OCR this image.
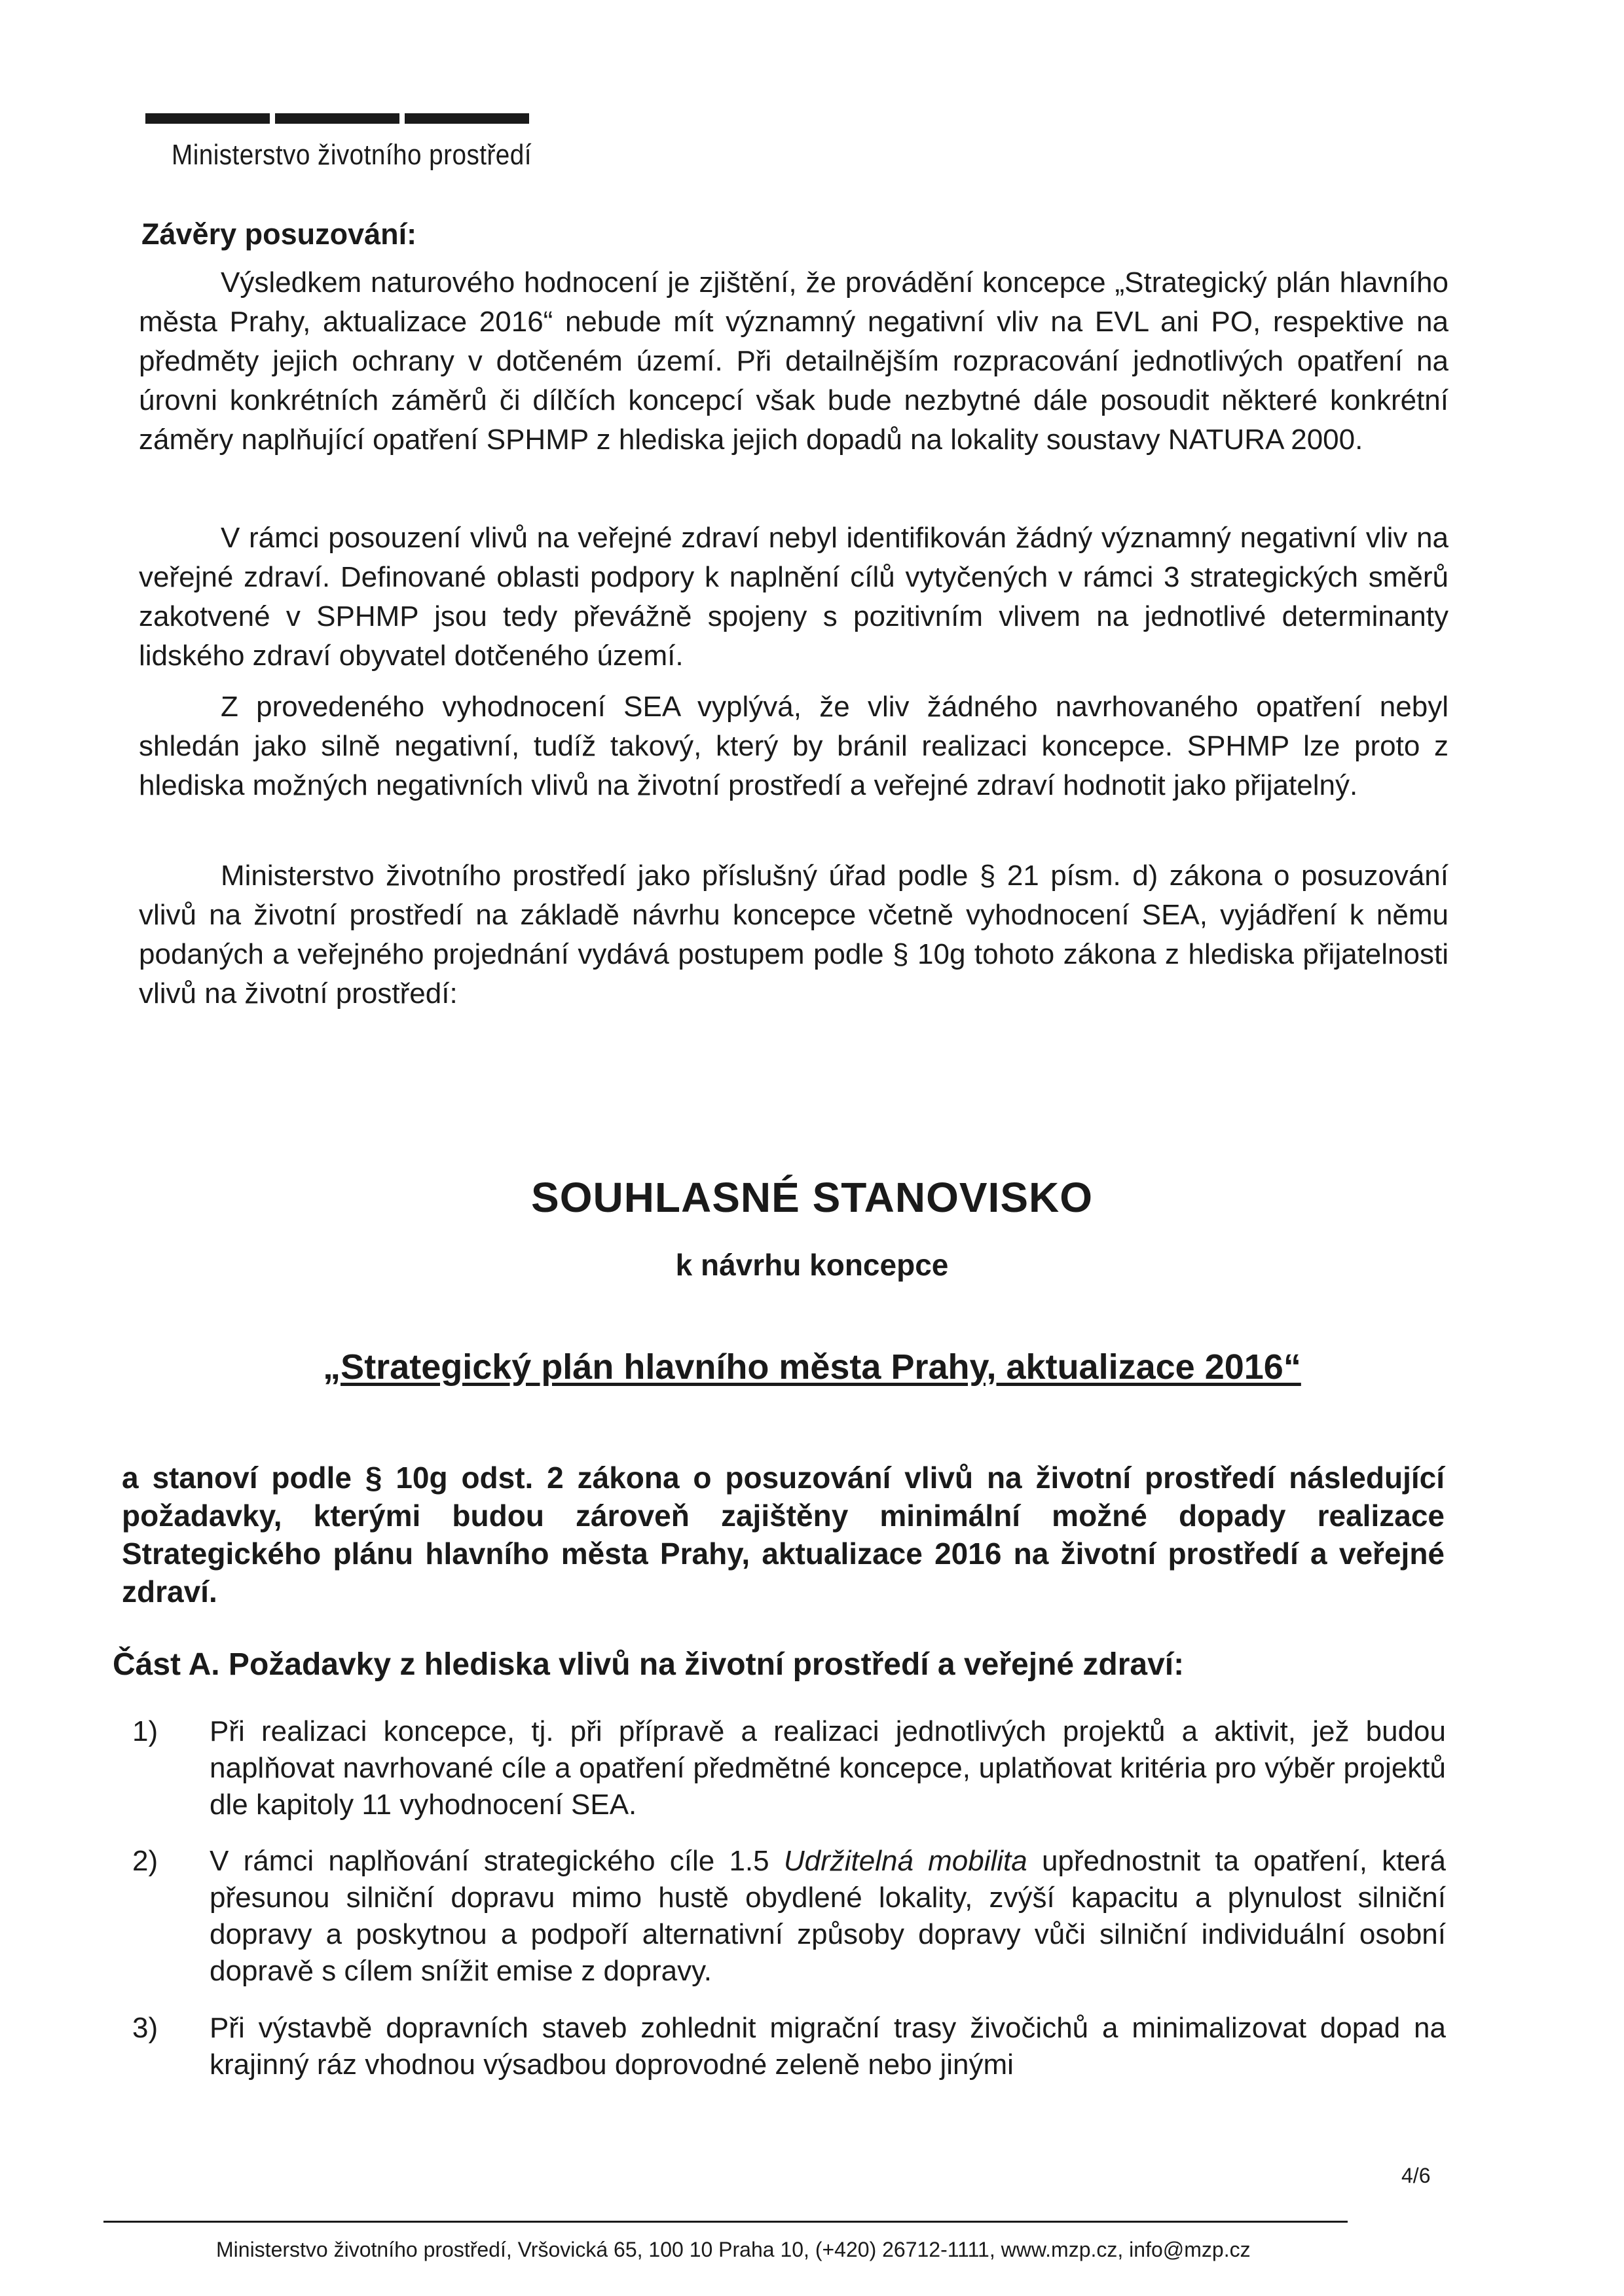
Ministerstvo životního prostředí
Závěry posuzování:

Výsledkem naturového hodnocení je zjištění, že provádění koncepce „Strategický plán hlavního města Prahy, aktualizace 2016“ nebude mít významný negativní vliv na EVL ani PO, respektive na předměty jejich ochrany v dotčeném území. Při detailnějším rozpracování jednotlivých opatření na úrovni konkrétních záměrů či dílčích koncepcí však bude nezbytné dále posoudit některé konkrétní záměry naplňující opatření SPHMP z hlediska jejich dopadů na lokality soustavy NATURA 2000.

V rámci posouzení vlivů na veřejné zdraví nebyl identifikován žádný významný negativní vliv na veřejné zdraví. Definované oblasti podpory k naplnění cílů vytyčených v rámci 3 strategických směrů zakotvené v SPHMP jsou tedy převážně spojeny s pozitivním vlivem na jednotlivé determinanty lidského zdraví obyvatel dotčeného území.

Z provedeného vyhodnocení SEA vyplývá, že vliv žádného navrhovaného opatření nebyl shledán jako silně negativní, tudíž takový, který by bránil realizaci koncepce. SPHMP lze proto z hlediska možných negativních vlivů na životní prostředí a veřejné zdraví hodnotit jako přijatelný.

Ministerstvo životního prostředí jako příslušný úřad podle § 21 písm. d) zákona o posuzování vlivů na životní prostředí na základě návrhu koncepce včetně vyhodnocení SEA, vyjádření k němu podaných a veřejného projednání vydává postupem podle § 10g tohoto zákona z hlediska přijatelnosti vlivů na životní prostředí:

SOUHLASNÉ STANOVISKO
k návrhu koncepce
„Strategický plán hlavního města Prahy, aktualizace 2016“

a stanoví podle § 10g odst. 2 zákona o posuzování vlivů na životní prostředí následující požadavky, kterými budou zároveň zajištěny minimální možné dopady realizace Strategického plánu hlavního města Prahy, aktualizace 2016 na životní prostředí a veřejné zdraví.

Část A. Požadavky z hlediska vlivů na životní prostředí a veřejné zdraví:
1) Při realizaci koncepce, tj. při přípravě a realizaci jednotlivých projektů a aktivit, jež budou naplňovat navrhované cíle a opatření předmětné koncepce, uplatňovat kritéria pro výběr projektů dle kapitoly 11 vyhodnocení SEA.
2) V rámci naplňování strategického cíle 1.5 Udržitelná mobilita upřednostnit ta opatření, která přesunou silniční dopravu mimo hustě obydlené lokality, zvýší kapacitu a plynulost silniční dopravy a poskytnou a podpoří alternativní způsoby dopravy vůči silniční individuální osobní dopravě s cílem snížit emise z dopravy.
3) Při výstavbě dopravních staveb zohlednit migrační trasy živočichů a minimalizovat dopad na krajinný ráz vhodnou výsadbou doprovodné zeleně nebo jinými
4/6
Ministerstvo životního prostředí, Vršovická 65, 100 10 Praha 10, (+420) 26712-1111, www.mzp.cz, info@mzp.cz
